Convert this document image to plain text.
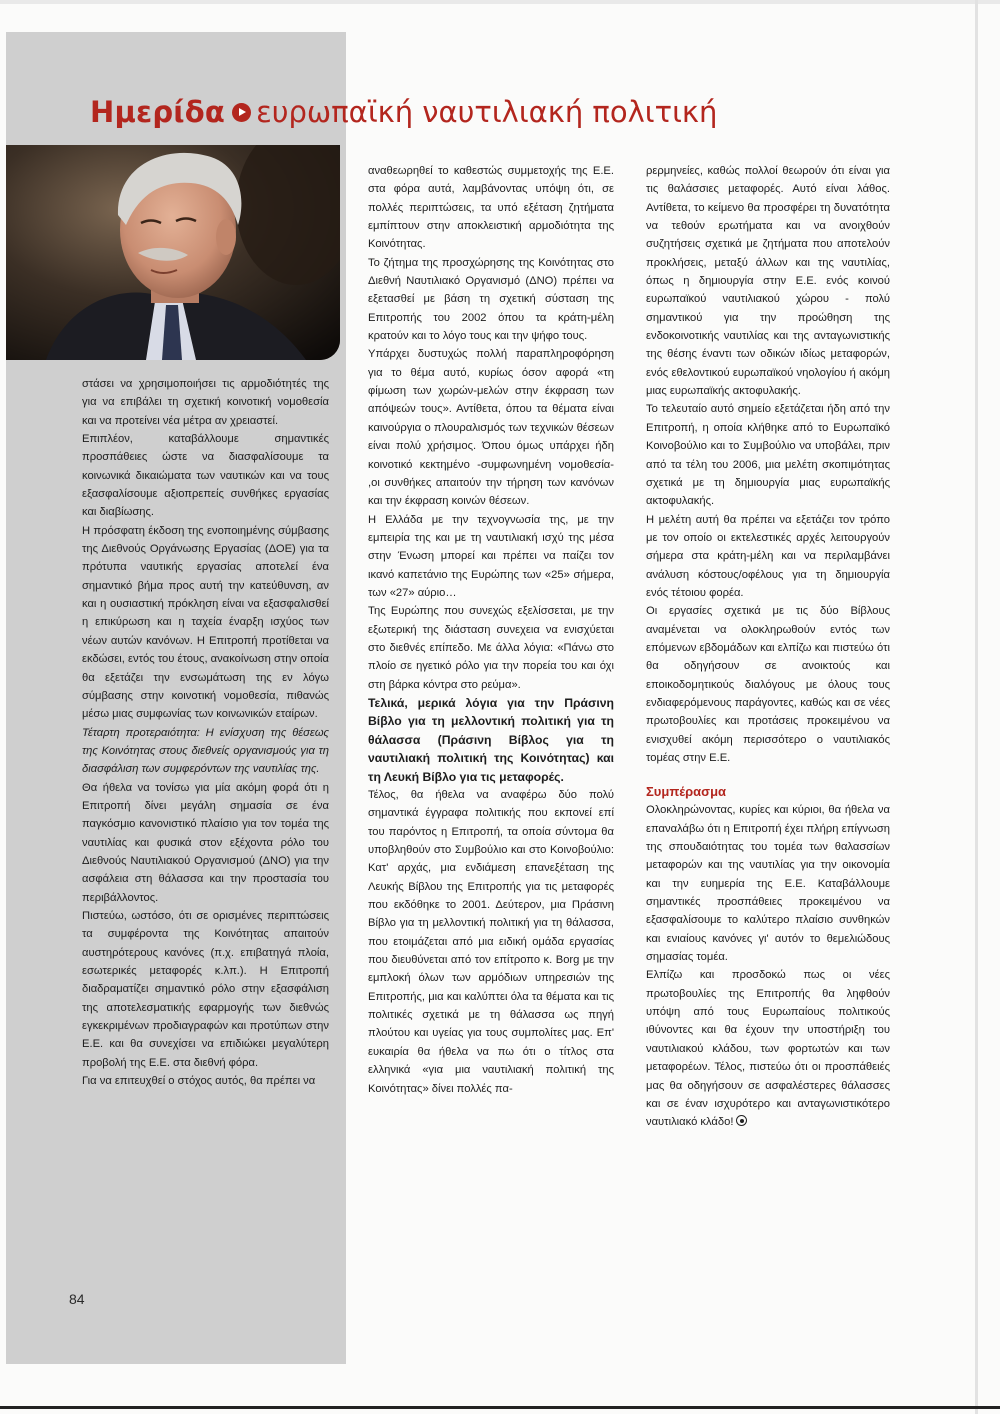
Ημερίδα ευρωπαϊκή ναυτιλιακή πολιτική

στάσει να χρησιμοποιήσει τις αρμοδιότητές της για να επιβάλει τη σχετική κοινοτική νομοθεσία και να προτείνει νέα μέτρα αν χρειαστεί.

Επιπλέον, καταβάλλουμε σημαντικές προσπάθειες ώστε να διασφαλίσουμε τα κοινωνικά δικαιώματα των ναυτικών και να τους εξασφαλίσουμε αξιοπρεπείς συνθήκες εργασίας και διαβίωσης.

Η πρόσφατη έκδοση της ενοποιημένης σύμβασης της Διεθνούς Οργάνωσης Εργασίας (ΔΟΕ) για τα πρότυπα ναυτικής εργασίας αποτελεί ένα σημαντικό βήμα προς αυτή την κατεύθυνση, αν και η ουσιαστική πρόκληση είναι να εξασφαλισθεί η επικύρωση και η ταχεία έναρξη ισχύος των νέων αυτών κανόνων. Η Επιτροπή προτίθεται να εκδώσει, εντός του έτους, ανακοίνωση στην οποία θα εξετάζει την ενσωμάτωση της εν λόγω σύμβασης στην κοινοτική νομοθεσία, πιθανώς μέσω μιας συμφωνίας των κοινωνικών εταίρων.

Τέταρτη προτεραιότητα: Η ενίσχυση της θέσεως της Κοινότητας στους διεθνείς οργανισμούς για τη διασφάλιση των συμφερόντων της ναυτιλίας της.

Θα ήθελα να τονίσω για μία ακόμη φορά ότι η Επιτροπή δίνει μεγάλη σημασία σε ένα παγκόσμιο κανονιστικό πλαίσιο για τον τομέα της ναυτιλίας και φυσικά στον εξέχοντα ρόλο του Διεθνούς Ναυτιλιακού Οργανισμού (ΔΝΟ) για την ασφάλεια στη θάλασσα και την προστασία του περιβάλλοντος.

Πιστεύω, ωστόσο, ότι σε ορισμένες περιπτώσεις τα συμφέροντα της Κοινότητας απαιτούν αυστηρότερους κανόνες (π.χ. επιβατηγά πλοία, εσωτερικές μεταφορές κ.λπ.). Η Επιτροπή διαδραματίζει σημαντικό ρόλο στην εξασφάλιση της αποτελεσματικής εφαρμογής των διεθνώς εγκεκριμένων προδιαγραφών και προτύπων στην Ε.Ε. και θα συνεχίσει να επιδιώκει μεγαλύτερη προβολή της Ε.Ε. στα διεθνή φόρα.

Για να επιτευχθεί ο στόχος αυτός, θα πρέπει να

αναθεωρηθεί το καθεστώς συμμετοχής της Ε.Ε. στα φόρα αυτά, λαμβάνοντας υπόψη ότι, σε πολλές περιπτώσεις, τα υπό εξέταση ζητήματα εμπίπτουν στην αποκλειστική αρμοδιότητα της Κοινότητας.

Το ζήτημα της προσχώρησης της Κοινότητας στο Διεθνή Ναυτιλιακό Οργανισμό (ΔΝΟ) πρέπει να εξετασθεί με βάση τη σχετική σύσταση της Επιτροπής του 2002 όπου τα κράτη-μέλη κρατούν και το λόγο τους και την ψήφο τους.

Υπάρχει δυστυχώς πολλή παραπληροφόρηση για το θέμα αυτό, κυρίως όσον αφορά «τη φίμωση των χωρών-μελών στην έκφραση των απόψεών τους». Αντίθετα, όπου τα θέματα είναι καινούργια ο πλουραλισμός των τεχνικών θέσεων είναι πολύ χρήσιμος. Όπου όμως υπάρχει ήδη κοινοτικό κεκτημένο -συμφωνημένη νομοθεσία- ,οι συνθήκες απαιτούν την τήρηση των κανόνων και την έκφραση κοινών θέσεων.

Η Ελλάδα με την τεχνογνωσία της, με την εμπειρία της και με τη ναυτιλιακή ισχύ της μέσα στην Ένωση μπορεί και πρέπει να παίζει τον ικανό καπετάνιο της Ευρώπης των «25» σήμερα, των «27» αύριο…

Της Ευρώπης που συνεχώς εξελίσσεται, με την εξωτερική της διάσταση συνεχεια να ενισχύεται στο διεθνές επίπεδο. Με άλλα λόγια: «Πάνω στο πλοίο σε ηγετικό ρόλο για την πορεία του και όχι στη βάρκα κόντρα στο ρεύμα».

Τελικά, μερικά λόγια για την Πράσινη Βίβλο για τη μελλοντική πολιτική για τη θάλασσα (Πράσινη Βίβλος για τη ναυτιλιακή πολιτική της Κοινότητας) και τη Λευκή Βίβλο για τις μεταφορές.

Τέλος, θα ήθελα να αναφέρω δύο πολύ σημαντικά έγγραφα πολιτικής που εκπονεί επί του παρόντος η Επιτροπή, τα οποία σύντομα θα υποβληθούν στο Συμβούλιο και στο Κοινοβούλιο: Κατ' αρχάς, μια ενδιάμεση επανεξέταση της Λευκής Βίβλου της Επιτροπής για τις μεταφορές που εκδόθηκε το 2001. Δεύτερον, μια Πράσινη Βίβλο για τη μελλοντική πολιτική για τη θάλασσα, που ετοιμάζεται από μια ειδική ομάδα εργασίας που διευθύνεται από τον επίτροπο κ. Borg με την εμπλοκή όλων των αρμόδιων υπηρεσιών της Επιτροπής, μια και καλύπτει όλα τα θέματα και τις πολιτικές σχετικά με τη θάλασσα ως πηγή πλούτου και υγείας για τους συμπολίτες μας. Επ' ευκαιρία θα ήθελα να πω ότι ο τίτλος στα ελληνικά «για μια ναυτιλιακή πολιτική της Κοινότητας» δίνει πολλές πα-

ρερμηνείες, καθώς πολλοί θεωρούν ότι είναι για τις θαλάσσιες μεταφορές. Αυτό είναι λάθος. Αντίθετα, το κείμενο θα προσφέρει τη δυνατότητα να τεθούν ερωτήματα και να ανοιχθούν συζητήσεις σχετικά με ζητήματα που αποτελούν προκλήσεις, μεταξύ άλλων και της ναυτιλίας, όπως η δημιουργία στην Ε.Ε. ενός κοινού ευρωπαϊκού ναυτιλιακού χώρου - πολύ σημαντικού για την προώθηση της ενδοκοινοτικής ναυτιλίας και της ανταγωνιστικής της θέσης έναντι των οδικών ιδίως μεταφορών, ενός εθελοντικού ευρωπαϊκού νηολογίου ή ακόμη μιας ευρωπαϊκής ακτοφυλακής.

Το τελευταίο αυτό σημείο εξετάζεται ήδη από την Επιτροπή, η οποία κλήθηκε από το Ευρωπαϊκό Κοινοβούλιο και το Συμβούλιο να υποβάλει, πριν από τα τέλη του 2006, μια μελέτη σκοπιμότητας σχετικά με τη δημιουργία μιας ευρωπαϊκής ακτοφυλακής.

Η μελέτη αυτή θα πρέπει να εξετάζει τον τρόπο με τον οποίο οι εκτελεστικές αρχές λειτουργούν σήμερα στα κράτη-μέλη και να περιλαμβάνει ανάλυση κόστους/οφέλους για τη δημιουργία ενός τέτοιου φορέα.

Οι εργασίες σχετικά με τις δύο Βίβλους αναμένεται να ολοκληρωθούν εντός των επόμενων εβδομάδων και ελπίζω και πιστεύω ότι θα οδηγήσουν σε ανοικτούς και εποικοδομητικούς διαλόγους με όλους τους ενδιαφερόμενους παράγοντες, καθώς και σε νέες πρωτοβουλίες και προτάσεις προκειμένου να ενισχυθεί ακόμη περισσότερο ο ναυτιλιακός τομέας στην Ε.Ε.

Συμπέρασμα

Ολοκληρώνοντας, κυρίες και κύριοι, θα ήθελα να επαναλάβω ότι η Επιτροπή έχει πλήρη επίγνωση της σπουδαιότητας του τομέα των θαλασσίων μεταφορών και της ναυτιλίας για την οικονομία και την ευημερία της Ε.Ε. Καταβάλλουμε σημαντικές προσπάθειες προκειμένου να εξασφαλίσουμε το καλύτερο πλαίσιο συνθηκών και ενιαίους κανόνες γι' αυτόν το θεμελιώδους σημασίας τομέα.

Ελπίζω και προσδοκώ πως οι νέες πρωτοβουλίες της Επιτροπής θα ληφθούν υπόψη από τους Ευρωπαίους πολιτικούς ιθύνοντες και θα έχουν την υποστήριξη του ναυτιλιακού κλάδου, των φορτωτών και των μεταφορέων. Τέλος, πιστεύω ότι οι προσπάθειές μας θα οδηγήσουν σε ασφαλέστερες θάλασσες και σε έναν ισχυρότερο και ανταγωνιστικότερο ναυτιλιακό κλάδο!

84
